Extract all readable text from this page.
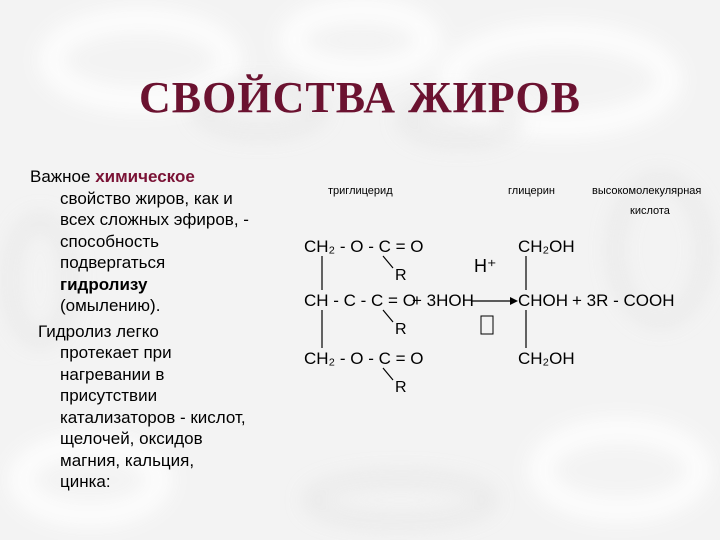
СВОЙСТВА ЖИРОВ

Важное химическое
свойство жиров, как и
всех сложных эфиров, -
способность
подвергаться
гидролизу
(омылению).

Гидролиз легко
протекает при
нагревании в
присутствии
катализаторов - кислот,
щелочей, оксидов
магния, кальция,
цинка:

триглицерид	глицерин	высокомолекулярная
кислота
CH₂ - O - C = O
CH - C - C = O
CH₂ - O - C = O
R
R
R
+ 3HOH
H⁺
CH₂OH
CHOH
CH₂OH
+ 3R - COOH
